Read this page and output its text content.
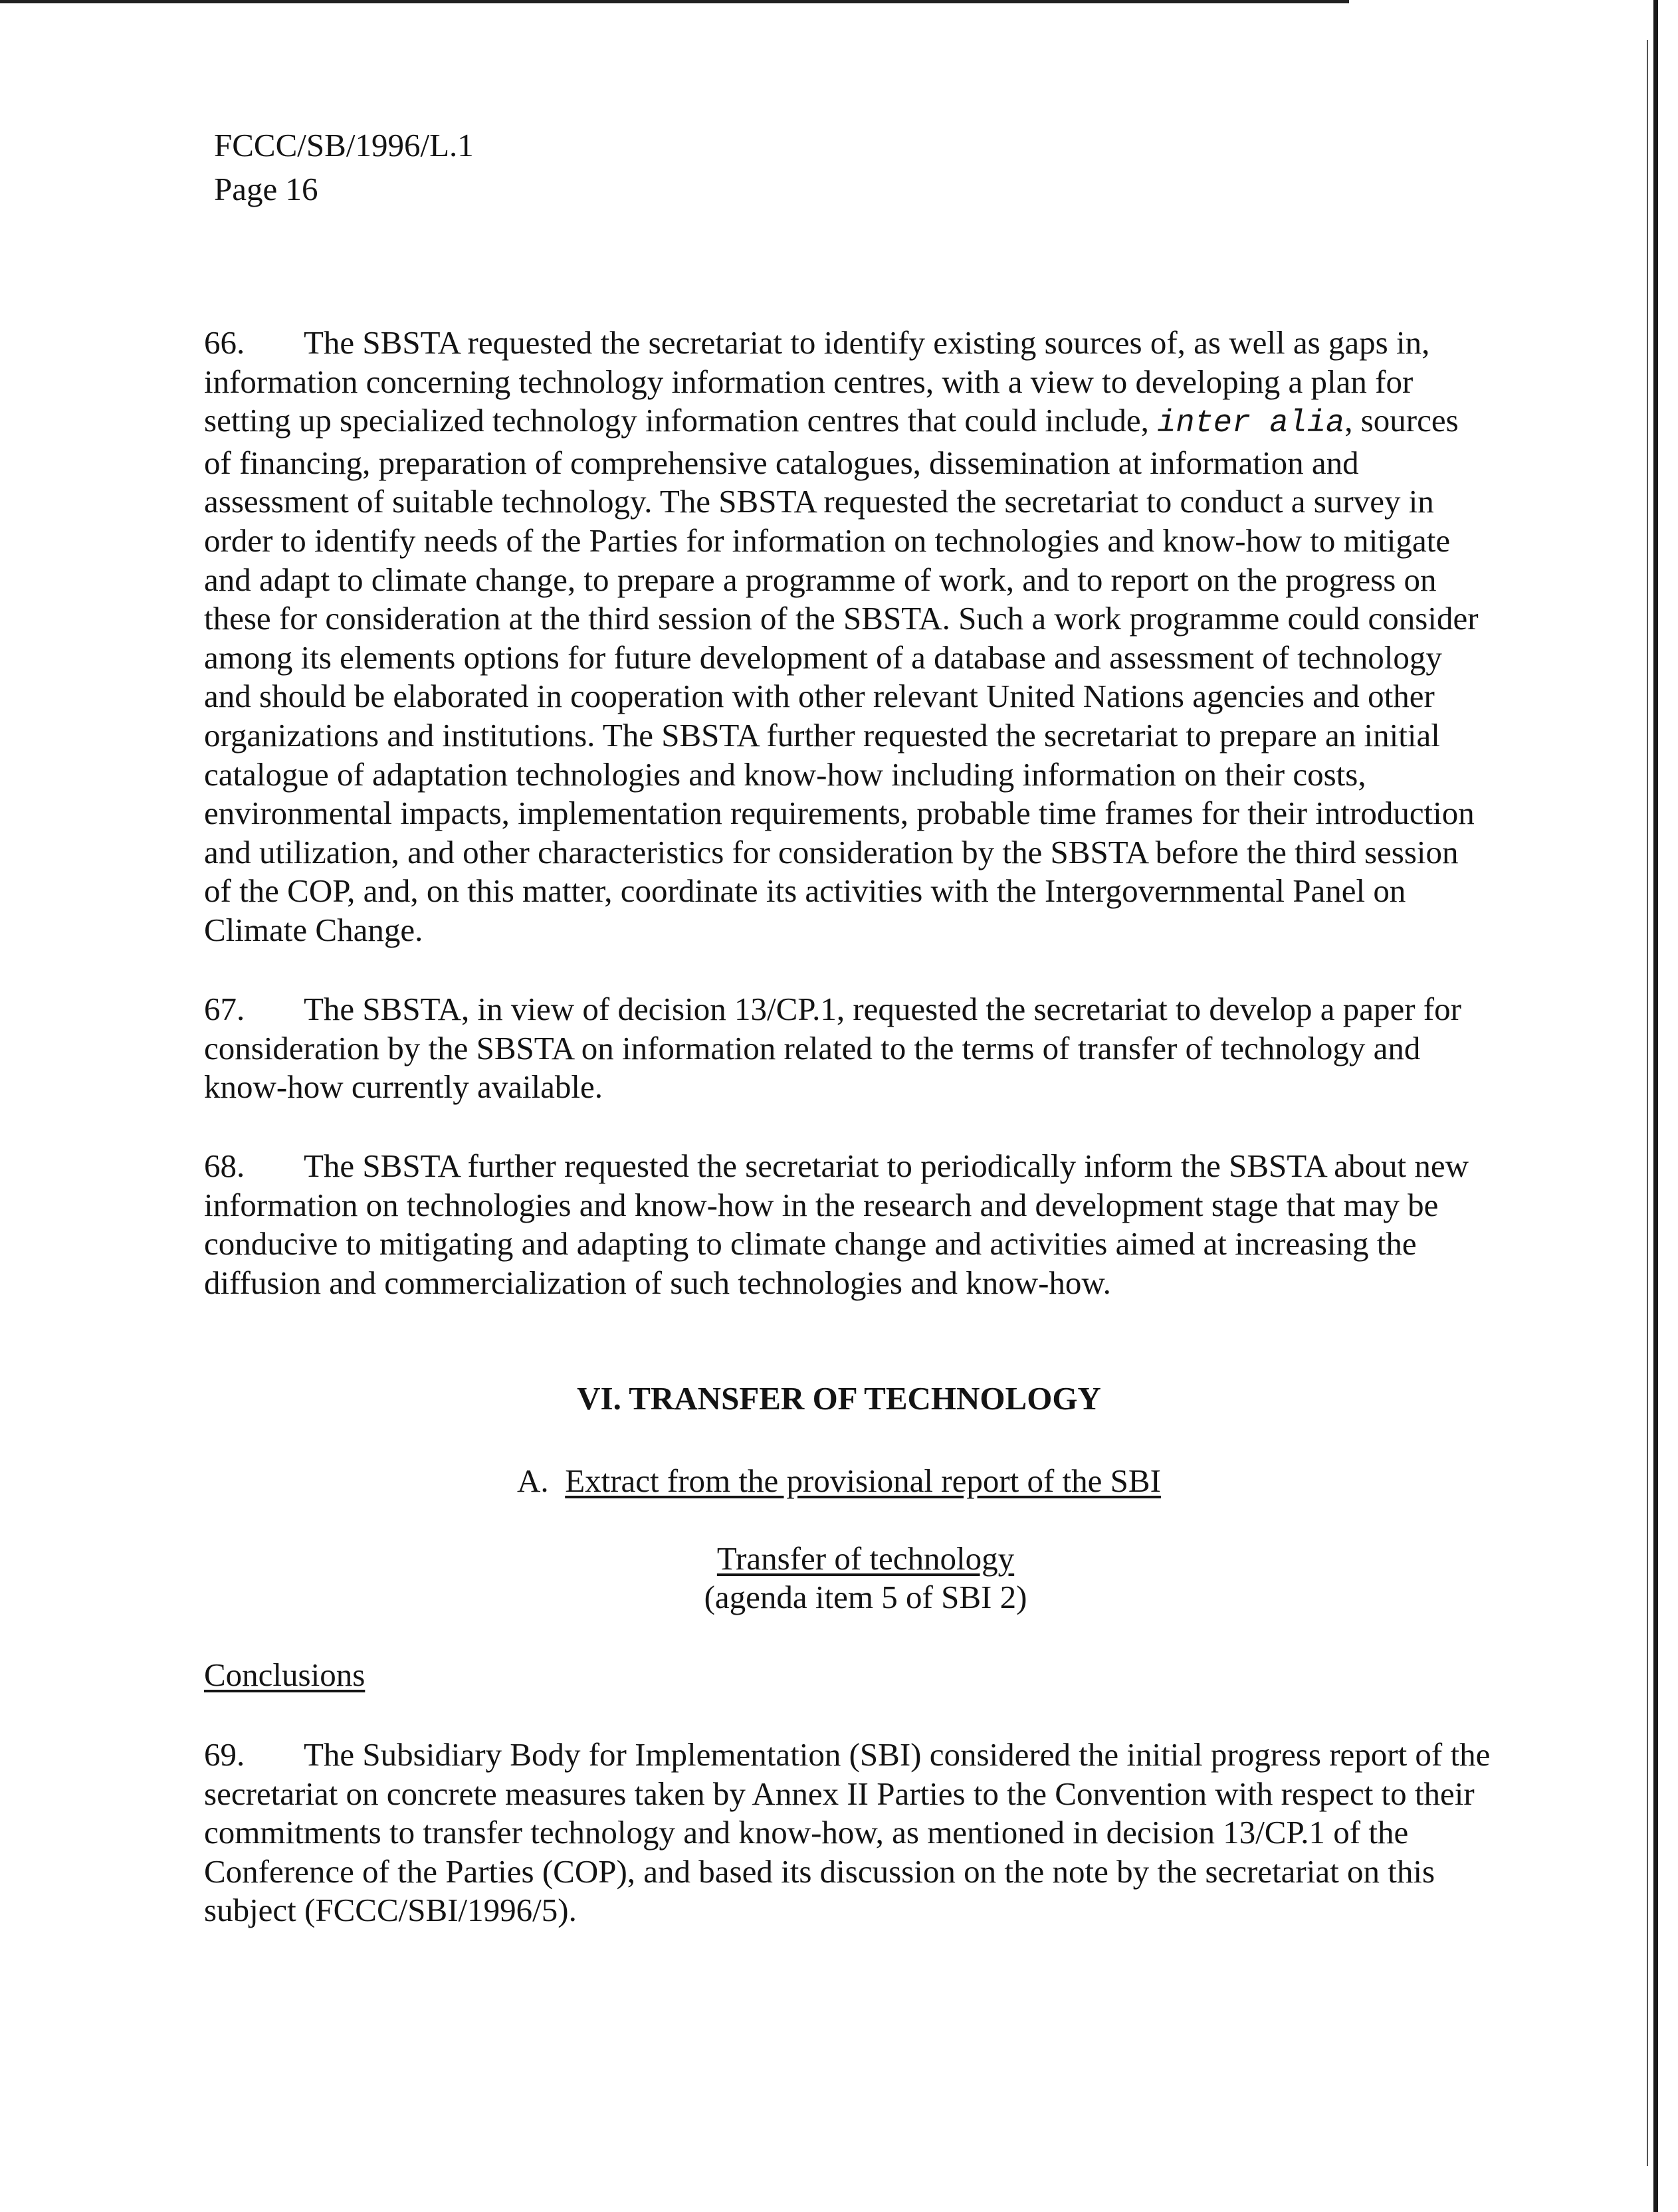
FCCC/SB/1996/L.1
Page 16

66. The SBSTA requested the secretariat to identify existing sources of, as well as gaps in, information concerning technology information centres, with a view to developing a plan for setting up specialized technology information centres that could include, inter alia, sources of financing, preparation of comprehensive catalogues, dissemination at information and assessment of suitable technology. The SBSTA requested the secretariat to conduct a survey in order to identify needs of the Parties for information on technologies and know-how to mitigate and adapt to climate change, to prepare a programme of work, and to report on the progress on these for consideration at the third session of the SBSTA. Such a work programme could consider among its elements options for future development of a database and assessment of technology and should be elaborated in cooperation with other relevant United Nations agencies and other organizations and institutions. The SBSTA further requested the secretariat to prepare an initial catalogue of adaptation technologies and know-how including information on their costs, environmental impacts, implementation requirements, probable time frames for their introduction and utilization, and other characteristics for consideration by the SBSTA before the third session of the COP, and, on this matter, coordinate its activities with the Intergovernmental Panel on Climate Change.

67. The SBSTA, in view of decision 13/CP.1, requested the secretariat to develop a paper for consideration by the SBSTA on information related to the terms of transfer of technology and know-how currently available.

68. The SBSTA further requested the secretariat to periodically inform the SBSTA about new information on technologies and know-how in the research and development stage that may be conducive to mitigating and adapting to climate change and activities aimed at increasing the diffusion and commercialization of such technologies and know-how.

VI. TRANSFER OF TECHNOLOGY
A. Extract from the provisional report of the SBI
Transfer of technology
(agenda item 5 of SBI 2)
Conclusions

69. The Subsidiary Body for Implementation (SBI) considered the initial progress report of the secretariat on concrete measures taken by Annex II Parties to the Convention with respect to their commitments to transfer technology and know-how, as mentioned in decision 13/CP.1 of the Conference of the Parties (COP), and based its discussion on the note by the secretariat on this subject (FCCC/SBI/1996/5).
